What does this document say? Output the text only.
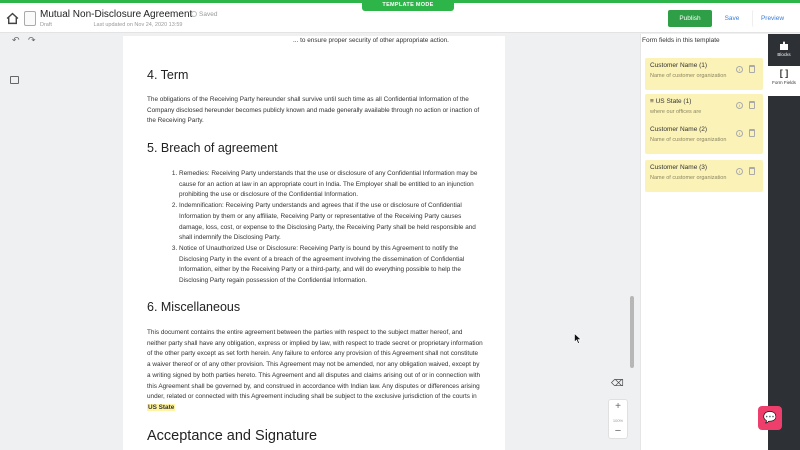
TEMPLATE MODE
Mutual Non-Disclosure Agreement	Saved
Draft	Last updated on Nov 24, 2020 13:59
Publish	Save	Preview
↶ ↷	... to ensure proper security of other appropriate action.

4. Term

The obligations of the Receiving Party hereunder shall survive until such time as all Confidential Information of the Company disclosed hereunder becomes publicly known and made generally available through no action or inaction of the Receiving Party.

5. Breach of agreement
1. Remedies: Receiving Party understands that the use or disclosure of any Confidential Information may be cause for an action at law in an appropriate court in India. The Employer shall be entitled to an injunction prohibiting the use or disclosure of the Confidential Information.
2. Indemnification: Receiving Party understands and agrees that if the use or disclosure of Confidential Information by them or any affiliate, Receiving Party or representative of the Receiving Party causes damage, loss, cost, or expense to the Disclosing Party, the Receiving Party shall be held responsible and shall indemnify the Disclosing Party.
3. Notice of Unauthorized Use or Disclosure: Receiving Party is bound by this Agreement to notify the Disclosing Party in the event of a breach of the agreement involving the dissemination of Confidential Information, either by the Receiving Party or a third-party, and will do everything possible to help the Disclosing Party regain possession of the Confidential Information.
6. Miscellaneous

This document contains the entire agreement between the parties with respect to the subject matter hereof, and neither party shall have any obligation, express or implied by law, with respect to trade secret or proprietary information of the other party except as set forth herein. Any failure to enforce any provision of this Agreement shall not constitute a waiver thereof or of any other provision. This Agreement may not be amended, nor any obligation waived, except by a writing signed by both parties hereto. This Agreement and all disputes and claims arising out of or in connection with this Agreement shall be governed by, and construed in accordance with Indian law. Any disputes or differences arising under, related or connected with this Agreement including shall be subject to the exclusive jurisdiction of the courts in US State

Acceptance and Signature
⌫
+
100%
−
Form fields in this template
Customer Name (1)
Name of customer organization
i
≡ US State (1)
where our offices are
i
Customer Name (2)
Name of customer organization
i
Customer Name (3)
Name of customer organization
i
Blocks
[ ]
Form Fields
💬
